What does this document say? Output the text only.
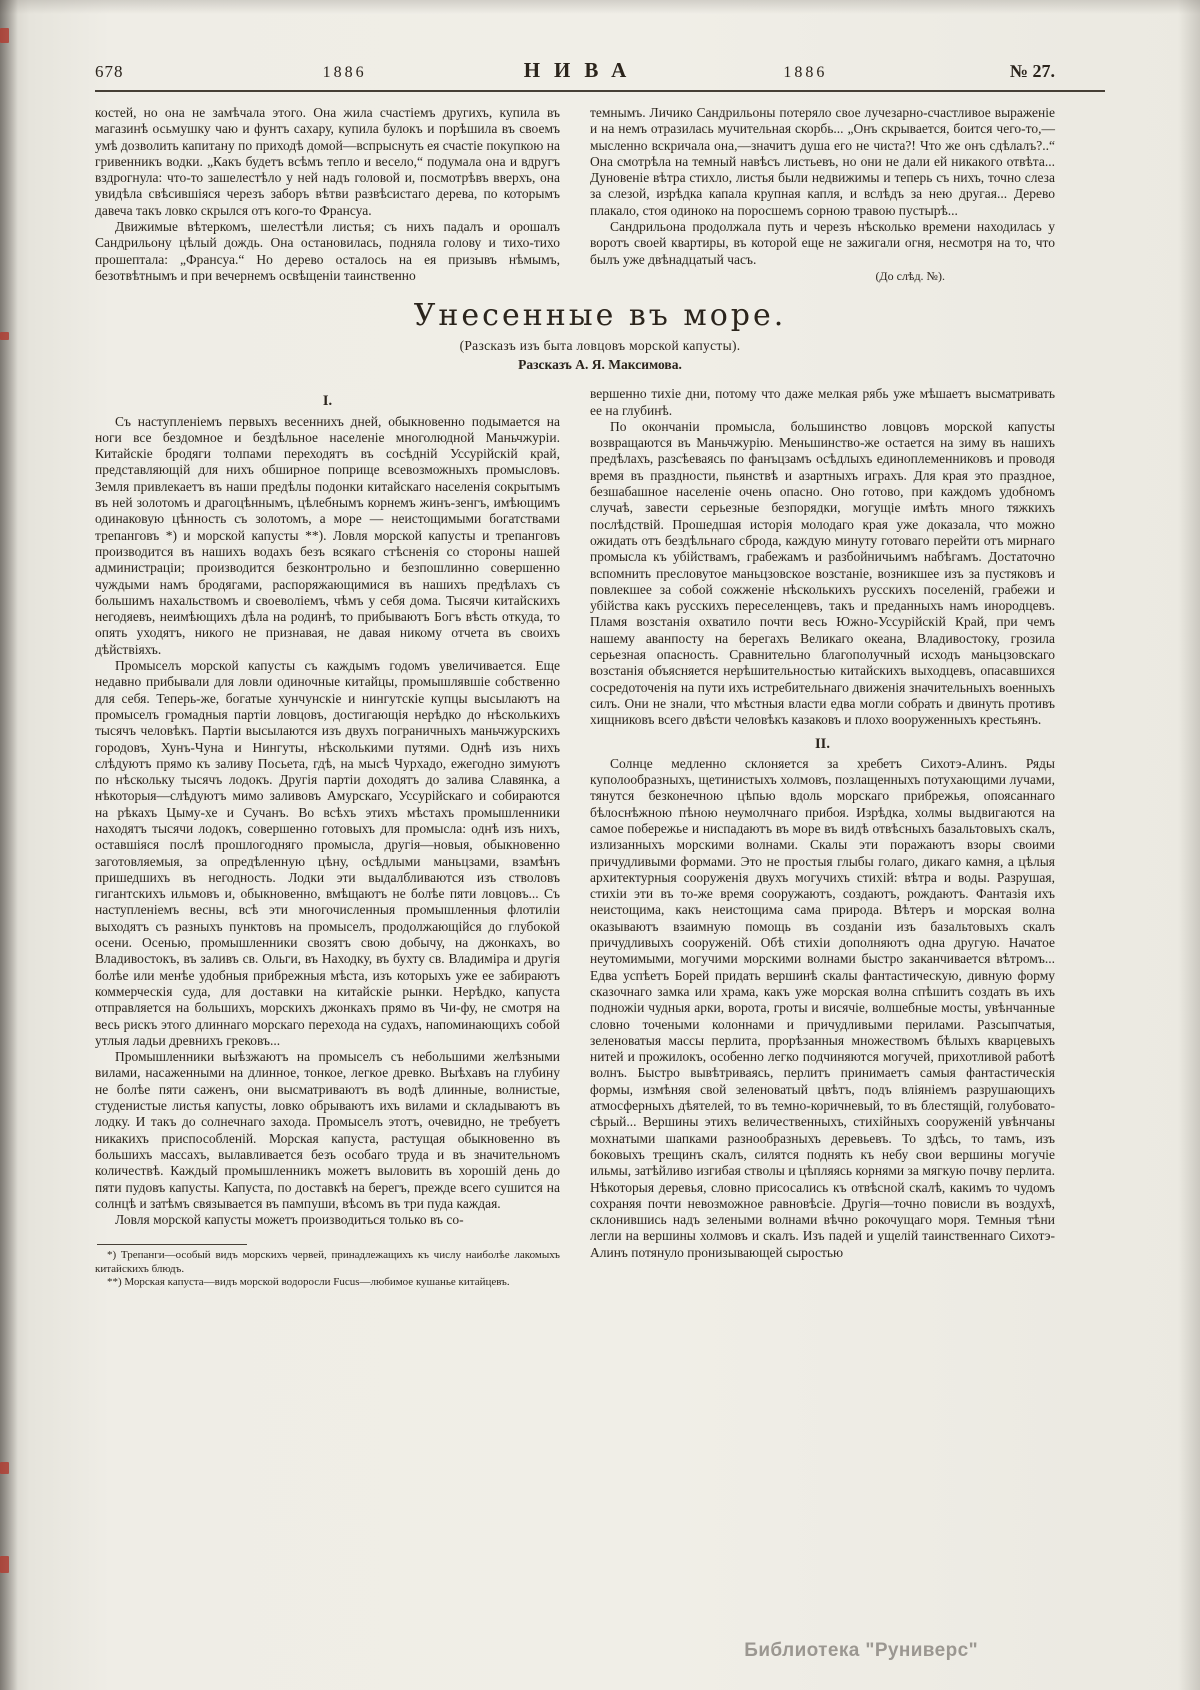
678	1886	НИВА	1886	№ 27.

костей, но она не замѣчала этого. Она жила счастіемъ другихъ, купила въ магазинѣ осьмушку чаю и фунтъ сахару, купила булокъ и порѣшила въ своемъ умѣ дозволить капитану по приходѣ домой—вспрыснуть ея счастіе покупкою на гривенникъ водки. „Какъ будетъ всѣмъ тепло и весело,“ подумала она и вдругъ вздрогнула: что-то зашелестѣло у ней надъ головой и, посмотрѣвъ вверхъ, она увидѣла свѣсившіяся черезъ заборъ вѣтви развѣсистаго дерева, по которымъ давеча такъ ловко скрылся отъ кого-то Франсуа.

Движимые вѣтеркомъ, шелестѣли листья; съ нихъ падалъ и орошалъ Сандрильону цѣлый дождь. Она остановилась, подняла голову и тихо-тихо прошептала: „Франсуа.“ Но дерево осталось на ея призывъ нѣмымъ, безотвѣтнымъ и при вечернемъ освѣщеніи таинственно

темнымъ. Личико Сандрильоны потеряло свое лучезарно-счастливое выраженіе и на немъ отразилась мучительная скорбь... „Онъ скрывается, боится чего-то,— мысленно вскричала она,—значитъ душа его не чиста?! Что же онъ сдѣлалъ?..“ Она смотрѣла на темный навѣсъ листьевъ, но они не дали ей никакого отвѣта... Дуновеніе вѣтра стихло, листья были недвижимы и теперь съ нихъ, точно слеза за слезой, изрѣдка капала крупная капля, и вслѣдъ за нею другая... Дерево плакало, стоя одиноко на поросшемъ сорною травою пустырѣ...

Сандрильона продолжала путь и черезъ нѣсколько времени находилась у воротъ своей квартиры, въ которой еще не зажигали огня, несмотря на то, что былъ уже двѣнадцатый часъ.

(До слѣд. №).

Унесенные въ море.
(Разсказъ изъ быта ловцовъ морской капусты).
Разсказъ А. Я. Максимова.
I.

Съ наступленіемъ первыхъ весеннихъ дней, обыкновенно подымается на ноги все бездомное и бездѣльное населеніе многолюдной Маньчжуріи. Китайскіе бродяги толпами переходятъ въ сосѣдній Уссурійскій край, представляющій для нихъ обширное поприще всевозможныхъ промысловъ. Земля привлекаетъ въ наши предѣлы подонки китайскаго населенія сокрытымъ въ ней золотомъ и драгоцѣннымъ, цѣлебнымъ корнемъ жинъ-зенгъ, имѣющимъ одинаковую цѣнность съ золотомъ, а море — неистощимыми богатствами трепанговъ *) и морской капусты **). Ловля морской капусты и трепанговъ производится въ нашихъ водахъ безъ всякаго стѣсненія со стороны нашей администраціи; производится безконтрольно и безпошлинно совершенно чуждыми намъ бродягами, распоряжающимися въ нашихъ предѣлахъ съ большимъ нахальствомъ и своеволіемъ, чѣмъ у себя дома. Тысячи китайскихъ негодяевъ, неимѣющихъ дѣла на родинѣ, то прибываютъ Богъ вѣсть откуда, то опять уходятъ, никого не признавая, не давая никому отчета въ своихъ дѣйствіяхъ.

Промыселъ морской капусты съ каждымъ годомъ увеличивается. Еще недавно прибывали для ловли одиночные китайцы, промышлявшіе собственно для себя. Теперь-же, богатые хунчунскіе и нингутскіе купцы высылаютъ на промыселъ громадныя партіи ловцовъ, достигающія нерѣдко до нѣсколькихъ тысячъ человѣкъ. Партіи высылаются изъ двухъ пограничныхъ маньчжурскихъ городовъ, Хунъ-Чуна и Нингуты, нѣсколькими путями. Однѣ изъ нихъ слѣдуютъ прямо къ заливу Посьета, гдѣ, на мысѣ Чурхадо, ежегодно зимуютъ по нѣскольку тысячъ лодокъ. Другія партіи доходятъ до залива Славянка, а нѣкоторыя—слѣдуютъ мимо заливовъ Амурскаго, Уссурійскаго и собираются на рѣкахъ Цыму-хе и Сучанъ. Во всѣхъ этихъ мѣстахъ промышленники находятъ тысячи лодокъ, совершенно готовыхъ для промысла: однѣ изъ нихъ, оставшіяся послѣ прошлогодняго промысла, другія—новыя, обыкновенно заготовляемыя, за опредѣленную цѣну, осѣдлыми маньцзами, взамѣнъ пришедшихъ въ негодность. Лодки эти выдалбливаются изъ стволовъ гигантскихъ ильмовъ и, обыкновенно, вмѣщаютъ не болѣе пяти ловцовъ... Съ наступленіемъ весны, всѣ эти многочисленныя промышленныя флотиліи выходятъ съ разныхъ пунктовъ на промыселъ, продолжающійся до глубокой осени. Осенью, промышленники свозятъ свою добычу, на джонкахъ, во Владивостокъ, въ заливъ св. Ольги, въ Находку, въ бухту св. Владиміра и другія болѣе или менѣе удобныя прибрежныя мѣста, изъ которыхъ уже ее забираютъ коммерческія суда, для доставки на китайскіе рынки. Нерѣдко, капуста отправляется на большихъ, морскихъ джонкахъ прямо въ Чи-фу, не смотря на весь рискъ этого длиннаго морскаго перехода на судахъ, напоминающихъ собой утлыя ладьи древнихъ грековъ...

Промышленники выѣзжаютъ на промыселъ съ небольшими желѣзными вилами, насаженными на длинное, тонкое, легкое древко. Выѣхавъ на глубину не болѣе пяти саженъ, они высматриваютъ въ водѣ длинные, волнистые, студенистые листья капусты, ловко обрываютъ ихъ вилами и складываютъ въ лодку. И такъ до солнечнаго захода. Промыселъ этотъ, очевидно, не требуетъ никакихъ приспособленій. Морская капуста, растущая обыкновенно въ большихъ массахъ, вылавливается безъ особаго труда и въ значительномъ количествѣ. Каждый промышленникъ можетъ выловить въ хорошій день до пяти пудовъ капусты. Капуста, по доставкѣ на берегъ, прежде всего сушится на солнцѣ и затѣмъ связывается въ пампуши, вѣсомъ въ три пуда каждая.

Ловля морской капусты можетъ производиться только въ со-

*) Трепанги—особый видъ морскихъ червей, принадлежащихъ къ числу наиболѣе лакомыхъ китайскихъ блюдъ.

**) Морская капуста—видъ морской водоросли Fucus—любимое кушанье китайцевъ.

вершенно тихіе дни, потому что даже мелкая рябь уже мѣшаетъ высматривать ее на глубинѣ.

По окончаніи промысла, большинство ловцовъ морской капусты возвращаются въ Маньчжурію. Меньшинство-же остается на зиму въ нашихъ предѣлахъ, разсѣеваясь по фанъцзамъ осѣдлыхъ единоплеменниковъ и проводя время въ праздности, пьянствѣ и азартныхъ играхъ. Для края это праздное, безшабашное населеніе очень опасно. Оно готово, при каждомъ удобномъ случаѣ, завести серьезные безпорядки, могущіе имѣть много тяжкихъ послѣдствій. Прошедшая исторія молодаго края уже доказала, что можно ожидать отъ бездѣльнаго сброда, каждую минуту готоваго перейти отъ мирнаго промысла къ убійствамъ, грабежамъ и разбойничьимъ набѣгамъ. Достаточно вспомнить пресловутое маньцзовское возстаніе, возникшее изъ за пустяковъ и повлекшее за собой сожженіе нѣсколькихъ русскихъ поселеній, грабежи и убійства какъ русскихъ переселенцевъ, такъ и преданныхъ намъ инородцевъ. Пламя возстанія охватило почти весь Южно-Уссурійскій Край, при чемъ нашему аванпосту на берегахъ Великаго океана, Владивостоку, грозила серьезная опасность. Сравнительно благополучный исходъ маньцзовскаго возстанія объясняется нерѣшительностью китайскихъ выходцевъ, опасавшихся сосредоточенія на пути ихъ истребительнаго движенія значительныхъ военныхъ силъ. Они не знали, что мѣстныя власти едва могли собрать и двинуть противъ хищниковъ всего двѣсти человѣкъ казаковъ и плохо вооруженныхъ крестьянъ.

II.

Солнце медленно склоняется за хребетъ Сихотэ-Алинъ. Ряды куполообразныхъ, щетинистыхъ холмовъ, позлащенныхъ потухающими лучами, тянутся безконечною цѣпью вдоль морскаго прибрежья, опоясаннаго бѣлоснѣжною пѣною неумолчнаго прибоя. Изрѣдка, холмы выдвигаются на самое побережье и ниспадаютъ въ море въ видѣ отвѣсныхъ базальтовыхъ скалъ, излизанныхъ морскими волнами. Скалы эти поражаютъ взоры своими причудливыми формами. Это не простыя глыбы голаго, дикаго камня, а цѣлыя архитектурныя сооруженія двухъ могучихъ стихій: вѣтра и воды. Разрушая, стихіи эти въ то-же время сооружаютъ, создаютъ, рождаютъ. Фантазія ихъ неистощима, какъ неистощима сама природа. Вѣтеръ и морская волна оказываютъ взаимную помощь въ созданіи изъ базальтовыхъ скалъ причудливыхъ сооруженій. Обѣ стихіи дополняютъ одна другую. Начатое неутомимыми, могучими морскими волнами быстро заканчивается вѣтромъ... Едва успѣетъ Борей придать вершинѣ скалы фантастическую, дивную форму сказочнаго замка или храма, какъ уже морская волна спѣшитъ создать въ ихъ подножіи чудныя арки, ворота, гроты и висячіе, волшебные мосты, увѣнчанные словно точеными колоннами и причудливыми перилами. Разсыпчатыя, зеленоватыя массы перлита, прорѣзанныя множествомъ бѣлыхъ кварцевыхъ нитей и прожилокъ, особенно легко подчиняются могучей, прихотливой работѣ волнъ. Быстро вывѣтриваясь, перлитъ принимаетъ самыя фантастическія формы, измѣняя свой зеленоватый цвѣтъ, подъ вліяніемъ разрушающихъ атмосферныхъ дѣятелей, то въ темно-коричневый, то въ блестящій, голубовато-сѣрый... Вершины этихъ величественныхъ, стихійныхъ сооруженій увѣнчаны мохнатыми шапками разнообразныхъ деревьевъ. То здѣсь, то тамъ, изъ боковыхъ трещинъ скалъ, силятся поднять къ небу свои вершины могучіе ильмы, затѣйливо изгибая стволы и цѣпляясь корнями за мягкую почву перлита. Нѣкоторыя деревья, словно присосались къ отвѣсной скалѣ, какимъ то чудомъ сохраняя почти невозможное равновѣсіе. Другія—точно повисли въ воздухѣ, склонившись надъ зелеными волнами вѣчно рокочущаго моря. Темныя тѣни легли на вершины холмовъ и скалъ. Изъ падей и ущелій таинственнаго Сихотэ-Алинъ потянуло пронизывающей сыростью

Библиотека "Руниверс"
